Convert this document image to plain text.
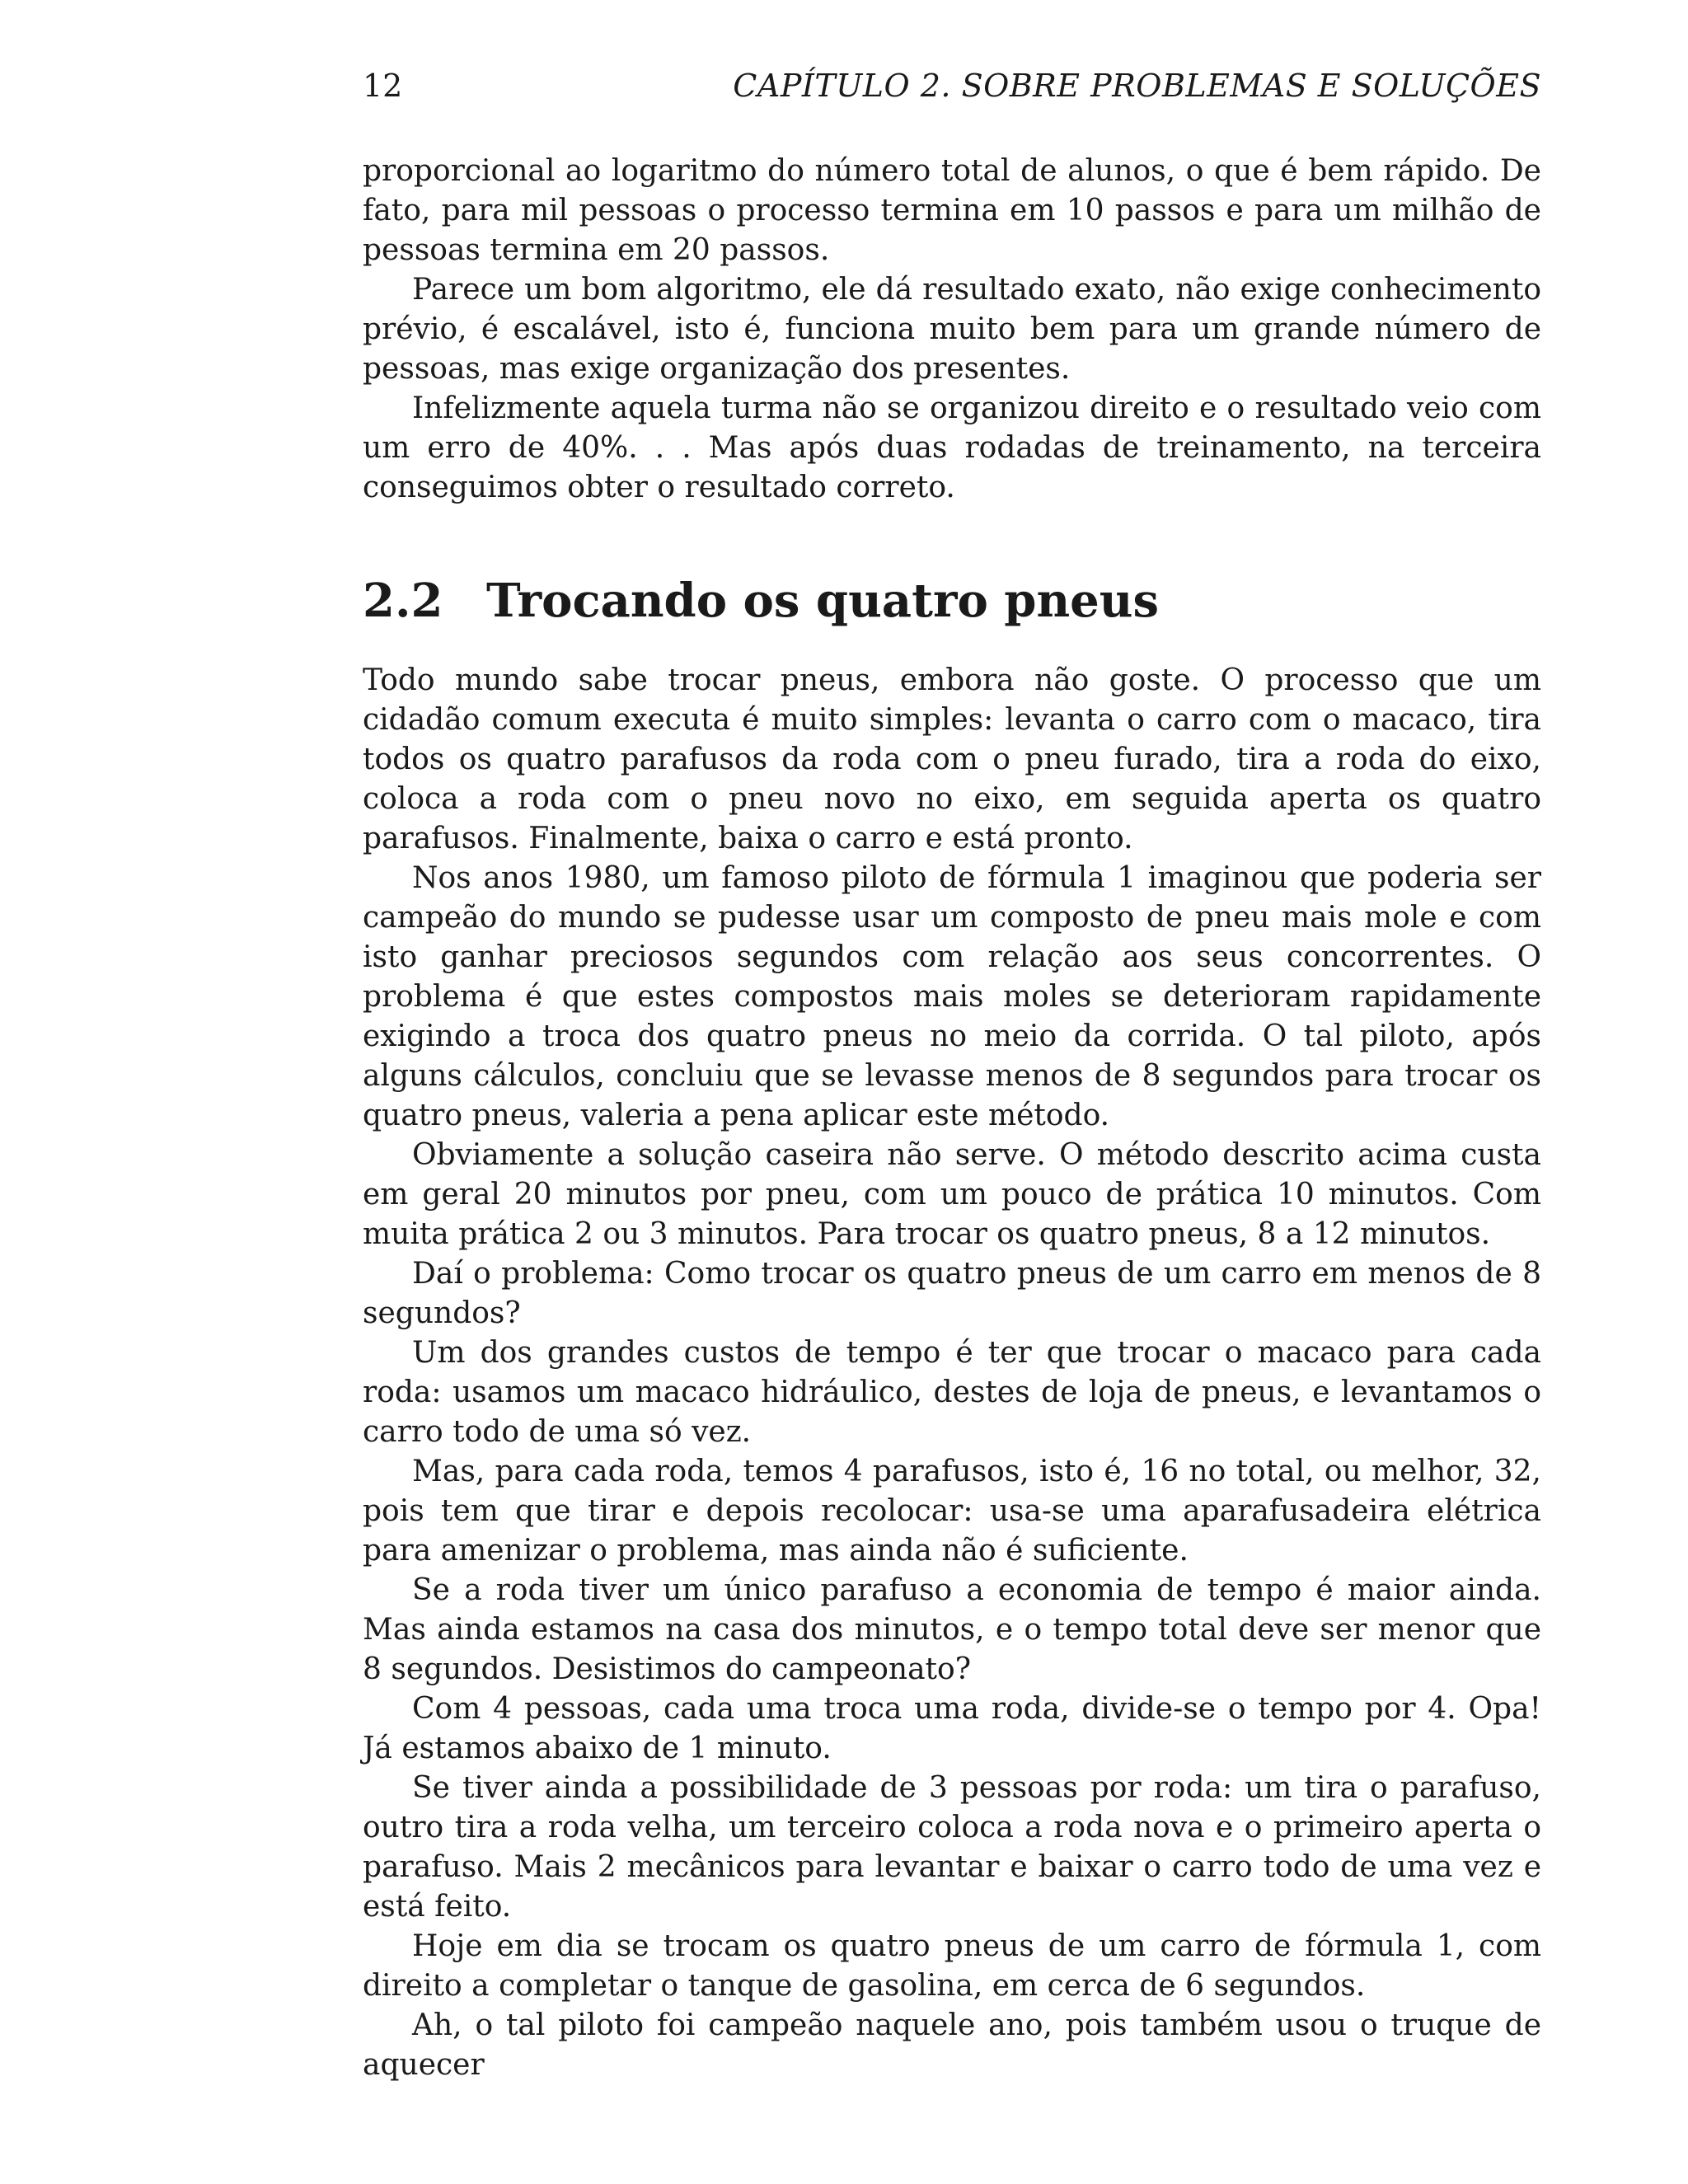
12	CAPÍTULO 2. SOBRE PROBLEMAS E SOLUÇÕES

proporcional ao logaritmo do número total de alunos, o que é bem rápido. De fato, para mil pessoas o processo termina em 10 passos e para um milhão de pessoas termina em 20 passos.

Parece um bom algoritmo, ele dá resultado exato, não exige conhecimento prévio, é escalável, isto é, funciona muito bem para um grande número de pessoas, mas exige organização dos presentes.

Infelizmente aquela turma não se organizou direito e o resultado veio com um erro de 40%. . . Mas após duas rodadas de treinamento, na terceira conseguimos obter o resultado correto.

2.2 Trocando os quatro pneus

Todo mundo sabe trocar pneus, embora não goste. O processo que um cidadão comum executa é muito simples: levanta o carro com o macaco, tira todos os quatro parafusos da roda com o pneu furado, tira a roda do eixo, coloca a roda com o pneu novo no eixo, em seguida aperta os quatro parafusos. Finalmente, baixa o carro e está pronto.

Nos anos 1980, um famoso piloto de fórmula 1 imaginou que poderia ser campeão do mundo se pudesse usar um composto de pneu mais mole e com isto ganhar preciosos segundos com relação aos seus concorrentes. O problema é que estes compostos mais moles se deterioram rapidamente exigindo a troca dos quatro pneus no meio da corrida. O tal piloto, após alguns cálculos, concluiu que se levasse menos de 8 segundos para trocar os quatro pneus, valeria a pena aplicar este método.

Obviamente a solução caseira não serve. O método descrito acima custa em geral 20 minutos por pneu, com um pouco de prática 10 minutos. Com muita prática 2 ou 3 minutos. Para trocar os quatro pneus, 8 a 12 minutos.

Daí o problema: Como trocar os quatro pneus de um carro em menos de 8 segundos?

Um dos grandes custos de tempo é ter que trocar o macaco para cada roda: usamos um macaco hidráulico, destes de loja de pneus, e levantamos o carro todo de uma só vez.

Mas, para cada roda, temos 4 parafusos, isto é, 16 no total, ou melhor, 32, pois tem que tirar e depois recolocar: usa-se uma aparafusadeira elétrica para amenizar o problema, mas ainda não é suficiente.

Se a roda tiver um único parafuso a economia de tempo é maior ainda. Mas ainda estamos na casa dos minutos, e o tempo total deve ser menor que 8 segundos. Desistimos do campeonato?

Com 4 pessoas, cada uma troca uma roda, divide-se o tempo por 4. Opa! Já estamos abaixo de 1 minuto.

Se tiver ainda a possibilidade de 3 pessoas por roda: um tira o parafuso, outro tira a roda velha, um terceiro coloca a roda nova e o primeiro aperta o parafuso. Mais 2 mecânicos para levantar e baixar o carro todo de uma vez e está feito.

Hoje em dia se trocam os quatro pneus de um carro de fórmula 1, com direito a completar o tanque de gasolina, em cerca de 6 segundos.

Ah, o tal piloto foi campeão naquele ano, pois também usou o truque de aquecer
